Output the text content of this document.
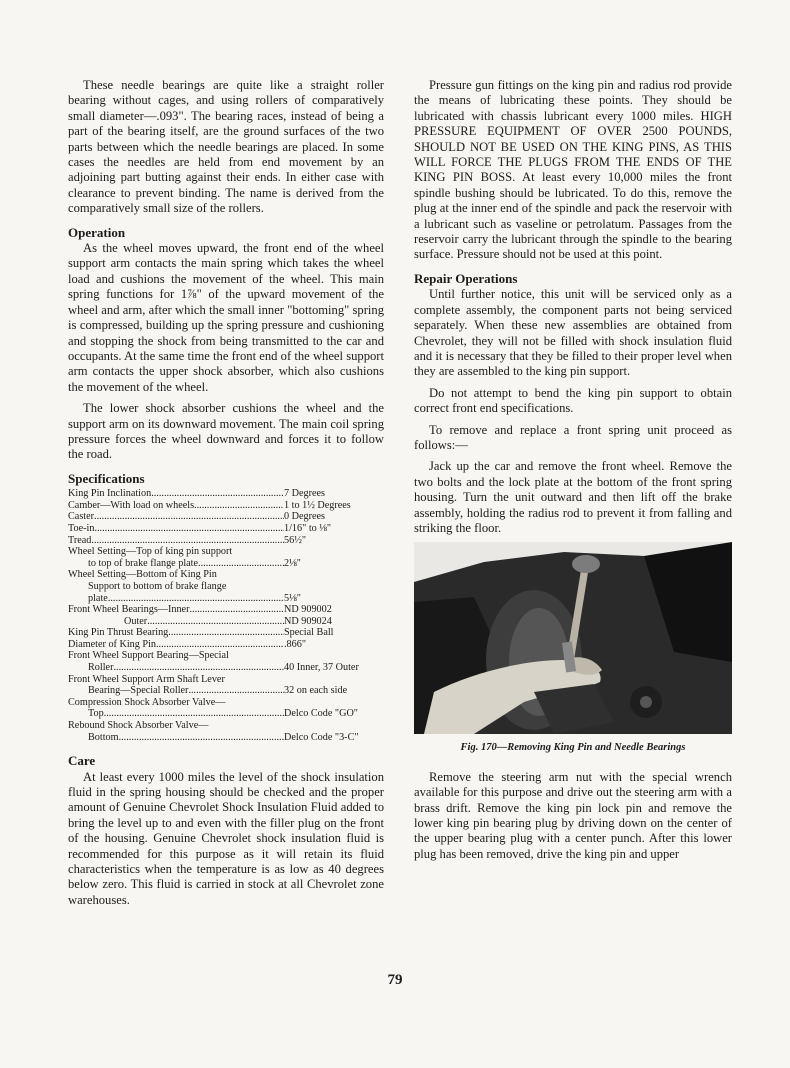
These needle bearings are quite like a straight roller bearing without cages, and using rollers of comparatively small diameter—.093". The bearing races, instead of being a part of the bearing itself, are the ground surfaces of the two parts between which the needle bearings are placed. In some cases the needles are held from end movement by an adjoining part butting against their ends. In either case with clearance to prevent binding. The name is derived from the comparatively small size of the rollers.

Operation

As the wheel moves upward, the front end of the wheel support arm contacts the main spring which takes the wheel load and cushions the movement of the wheel. This main spring functions for 1⅞" of the upward movement of the wheel and arm, after which the small inner "bottoming" spring is compressed, building up the spring pressure and cushioning and stopping the shock from being transmitted to the car and occupants. At the same time the front end of the wheel support arm contacts the upper shock absorber, which also cushions the movement of the wheel.

The lower shock absorber cushions the wheel and the support arm on its downward movement. The main coil spring pressure forces the wheel downward and forces it to follow the road.

Specifications
King Pin Inclination .....	7 Degrees
Camber—With load on wheels .....	1 to 1½ Degrees
Caster .....	0 Degrees
Toe-in .....	1/16" to ⅛"
Tread .....	56½"
Wheel Setting—Top of king pin support
to top of brake flange plate .....	2⅛"
Wheel Setting—Bottom of King Pin
Support to bottom of brake flange
plate .....	5⅛"
Front Wheel Bearings—Inner .....	ND 909002
Outer .....	ND 909024
King Pin Thrust Bearing .....	Special Ball
Diameter of King Pin .....	.866"
Front Wheel Support Bearing—Special
Roller .....	40 Inner, 37 Outer
Front Wheel Support Arm Shaft Lever
Bearing—Special Roller .....	32 on each side
Compression Shock Absorber Valve—
Top .....	Delco Code "GO"
Rebound Shock Absorber Valve—
Bottom .....	Delco Code "3-C"
Care

At least every 1000 miles the level of the shock insulation fluid in the spring housing should be checked and the proper amount of Genuine Chevrolet Shock Insulation Fluid added to bring the level up to and even with the filler plug on the front of the housing. Genuine Chevrolet shock insulation fluid is recommended for this purpose as it will retain its fluid characteristics when the temperature is as low as 40 degrees below zero. This fluid is carried in stock at all Chevrolet zone warehouses.

Pressure gun fittings on the king pin and radius rod provide the means of lubricating these points. They should be lubricated with chassis lubricant every 1000 miles. HIGH PRESSURE EQUIPMENT OF OVER 2500 POUNDS, SHOULD NOT BE USED ON THE KING PINS, AS THIS WILL FORCE THE PLUGS FROM THE ENDS OF THE KING PIN BOSS. At least every 10,000 miles the front spindle bushing should be lubricated. To do this, remove the plug at the inner end of the spindle and pack the reservoir with a lubricant such as vaseline or petrolatum. Passages from the reservoir carry the lubricant through the spindle to the bearing surface. Pressure should not be used at this point.

Repair Operations

Until further notice, this unit will be serviced only as a complete assembly, the component parts not being serviced separately. When these new assemblies are obtained from Chevrolet, they will not be filled with shock insulation fluid and it is necessary that they be filled to their proper level when they are assembled to the king pin support.

Do not attempt to bend the king pin support to obtain correct front end specifications.

To remove and replace a front spring unit proceed as follows:—

Jack up the car and remove the front wheel. Remove the two bolts and the lock plate at the bottom of the front spring housing. Turn the unit outward and then lift off the brake assembly, holding the radius rod to prevent it from falling and striking the floor.

Fig. 170—Removing King Pin and Needle Bearings

Remove the steering arm nut with the special wrench available for this purpose and drive out the steering arm with a brass drift. Remove the king pin lock pin and remove the lower king pin bearing plug by driving down on the center of the upper bearing plug with a center punch. After this lower plug has been removed, drive the king pin and upper

79
